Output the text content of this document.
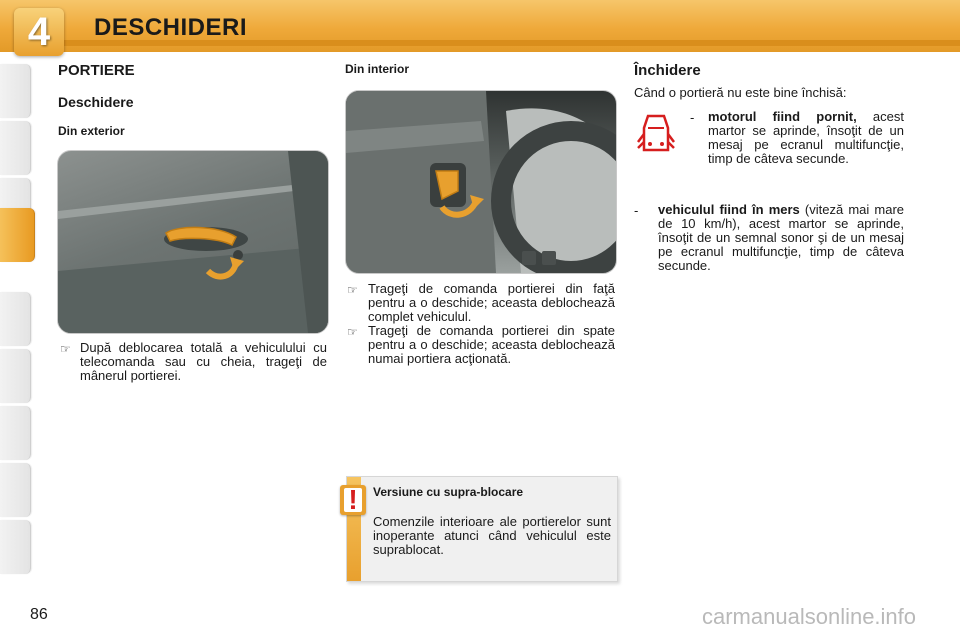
4	DESCHIDERI
PORTIERE
Deschidere
Din exterior
☞ După deblocarea totală a vehiculului cu telecomanda sau cu cheia, trageţi de mânerul portierei.
Din interior
☞ Trageţi de comanda portierei din faţă pentru a o deschide; aceasta deblochează complet vehiculul.
☞ Trageţi de comanda portierei din spate pentru a o deschide; aceasta deblochează numai portiera acţionată.
Închidere
Când o portieră nu este bine închisă:
- motorul fiind pornit, acest martor se aprinde, însoţit de un mesaj pe ecranul multifuncţie, timp de câteva secunde.
- vehiculul fiind în mers (viteză mai mare de 10 km/h), acest martor se aprinde, însoţit de un semnal sonor şi de un mesaj pe ecranul multifuncţie, timp de câteva secunde.
Versiune cu supra-blocare
Comenzile interioare ale portierelor sunt inoperante atunci când vehiculul este suprablocat.
!
86	carmanualsonline.info
